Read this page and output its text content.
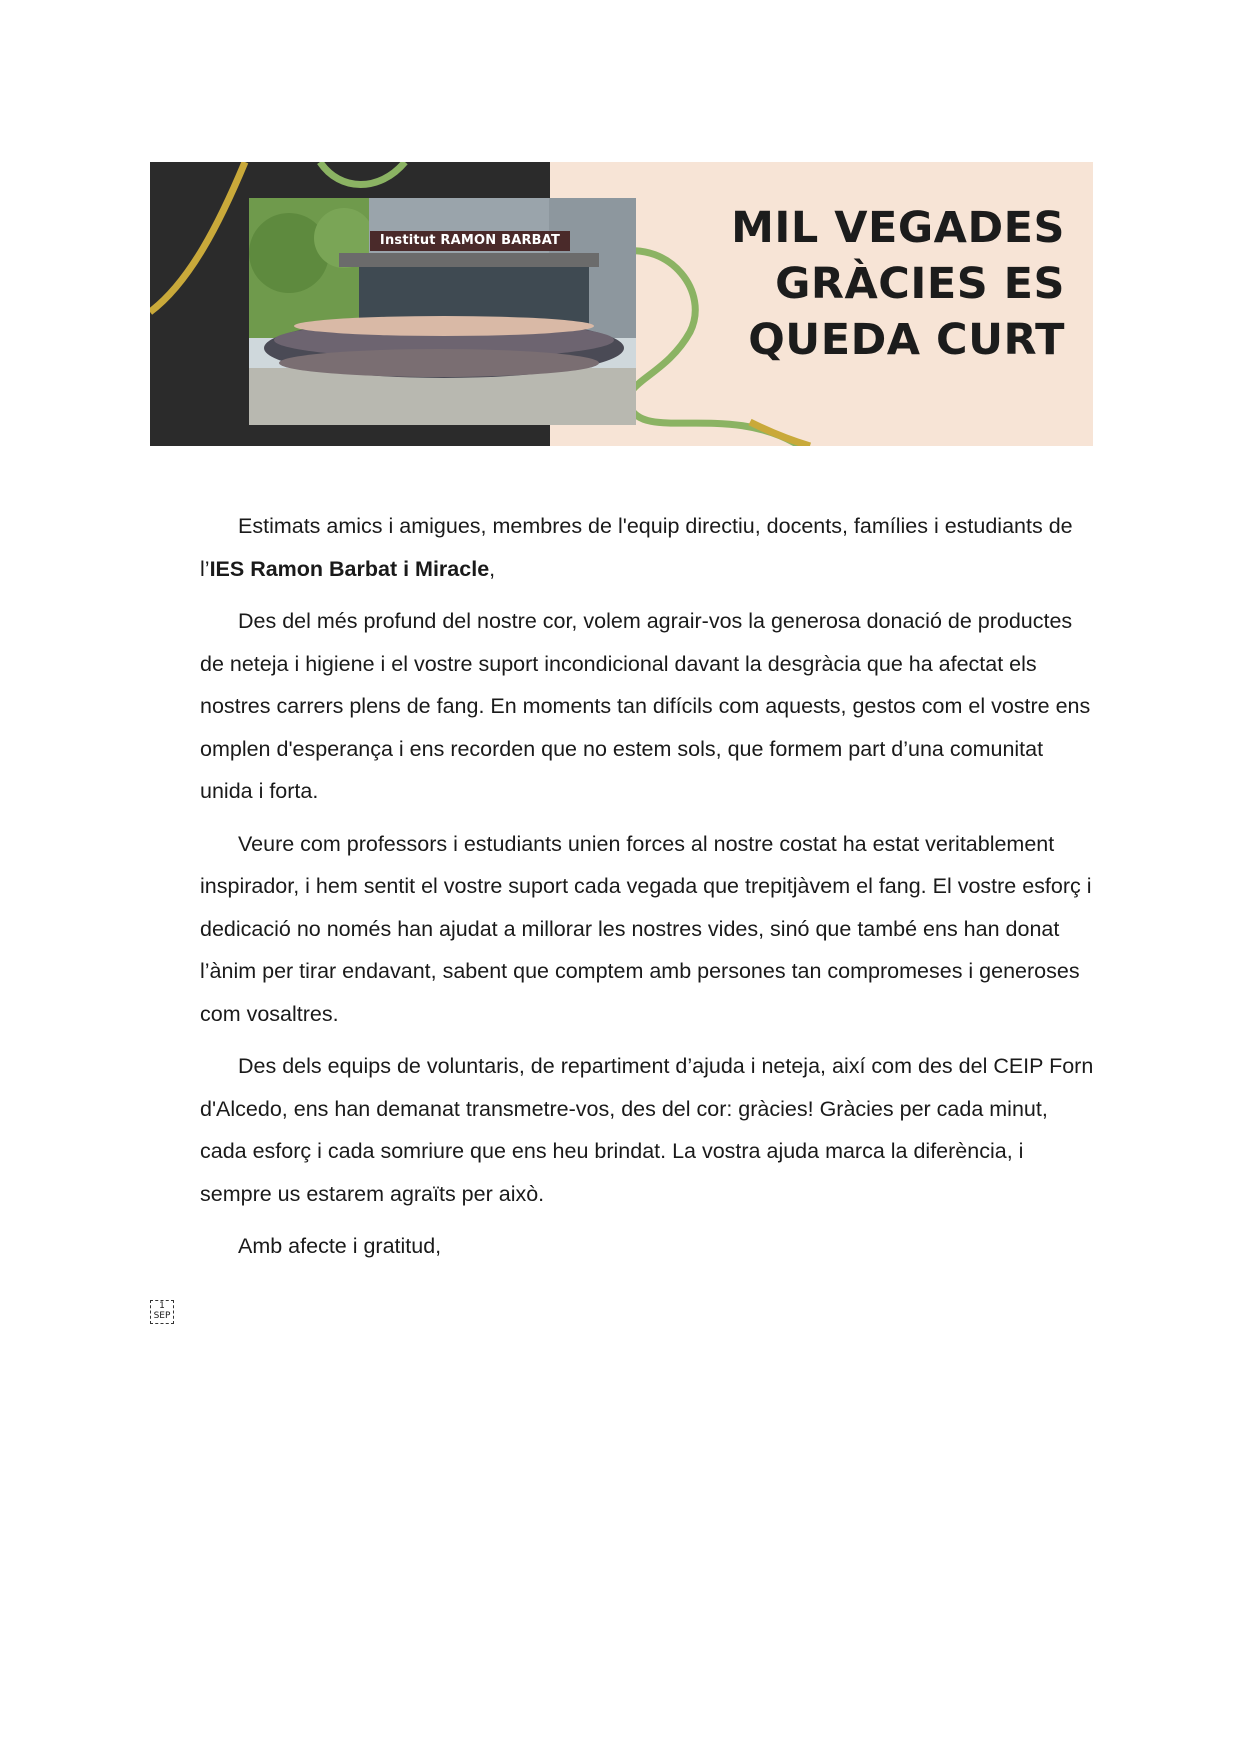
Institut RAMON BARBAT	MIL VEGADES
GRÀCIES ES
QUEDA CURT

Estimats amics i amigues, membres de l'equip directiu, docents, famílies i estudiants de l’IES Ramon Barbat i Miracle,

Des del més profund del nostre cor, volem agrair-vos la generosa donació de productes de neteja i higiene i el vostre suport incondicional davant la desgràcia que ha afectat els nostres carrers plens de fang. En moments tan difícils com aquests, gestos com el vostre ens omplen d'esperança i ens recorden que no estem sols, que formem part d’una comunitat unida i forta.

Veure com professors i estudiants unien forces al nostre costat ha estat veritablement inspirador, i hem sentit el vostre suport cada vegada que trepitjàvem el fang. El vostre esforç i dedicació no només han ajudat a millorar les nostres vides, sinó que també ens han donat l’ànim per tirar endavant, sabent que comptem amb persones tan compromeses i generoses com vosaltres.

Des dels equips de voluntaris, de repartiment d’ajuda i neteja, així com des del CEIP Forn d'Alcedo, ens han demanat transmetre-vos, des del cor: gràcies! Gràcies per cada minut, cada esforç i cada somriure que ens heu brindat. La vostra ajuda marca la diferència, i sempre us estarem agraïts per això.

Amb afecte i gratitud,

1
SEP
